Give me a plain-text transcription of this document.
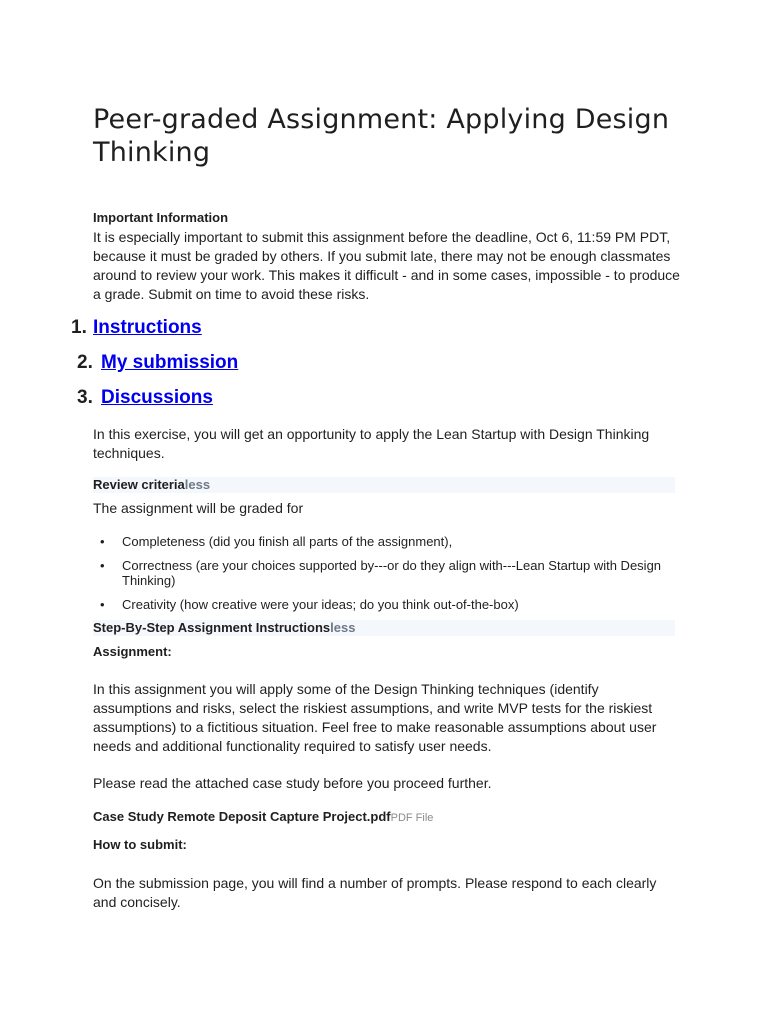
Peer-graded Assignment: Applying Design Thinking
Important Information
It is especially important to submit this assignment before the deadline, Oct 6, 11:59 PM PDT, because it must be graded by others. If you submit late, there may not be enough classmates around to review your work. This makes it difficult - and in some cases, impossible - to produce a grade. Submit on time to avoid these risks.
1. Instructions
2. My submission
3. Discussions
In this exercise, you will get an opportunity to apply the Lean Startup with Design Thinking techniques.
Review criterialess
The assignment will be graded for
• Completeness (did you finish all parts of the assignment),
• Correctness (are your choices supported by---or do they align with---Lean Startup with Design Thinking)
• Creativity (how creative were your ideas; do you think out-of-the-box)
Step-By-Step Assignment Instructionsless
Assignment:
In this assignment you will apply some of the Design Thinking techniques (identify assumptions and risks, select the riskiest assumptions, and write MVP tests for the riskiest assumptions) to a fictitious situation. Feel free to make reasonable assumptions about user needs and additional functionality required to satisfy user needs.
Please read the attached case study before you proceed further.
Case Study Remote Deposit Capture Project.pdfPDF File
How to submit:
On the submission page, you will find a number of prompts. Please respond to each clearly and concisely.
